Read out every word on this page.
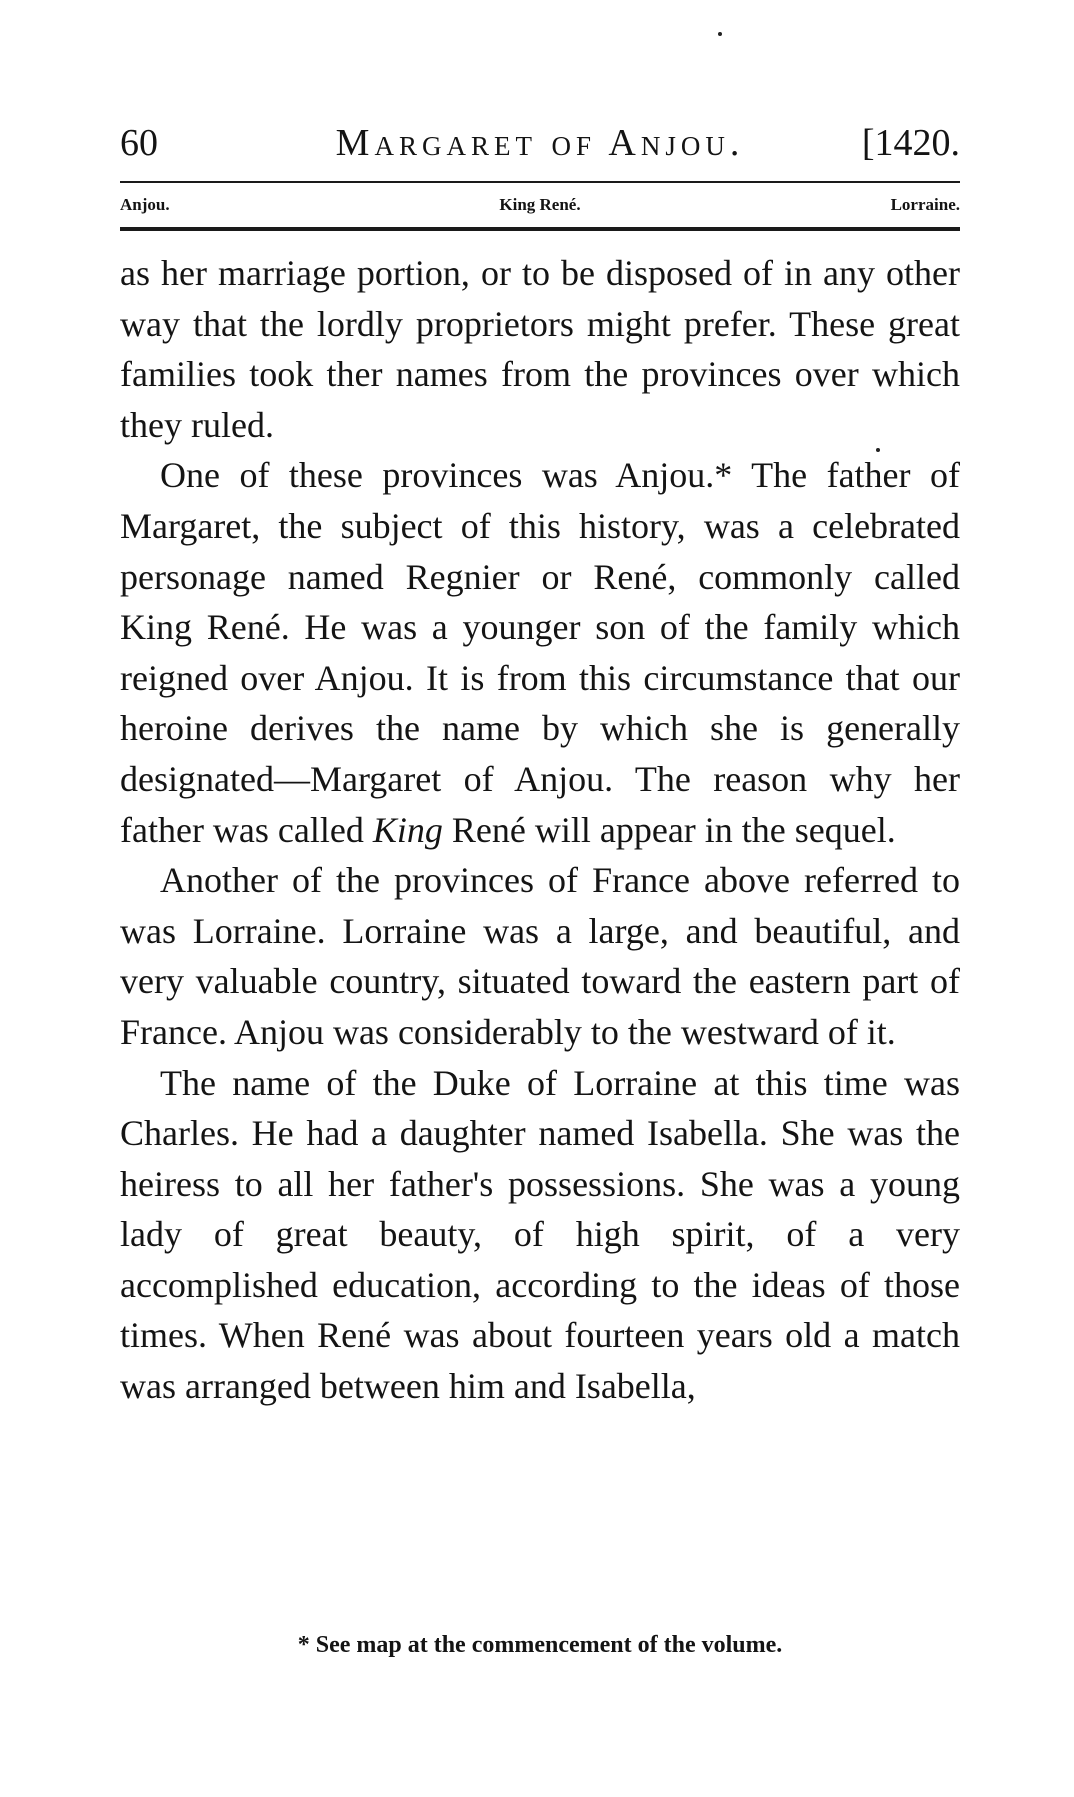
60	Margaret of Anjou.	[1420.
Anjou.	King René.	Lorraine.

as her marriage portion, or to be disposed of in any other way that the lordly proprietors might prefer. These great families took ther names from the provinces over which they ruled.

One of these provinces was Anjou.* The father of Margaret, the subject of this history, was a celebrated personage named Regnier or René, commonly called King René. He was a younger son of the family which reigned over Anjou. It is from this circumstance that our heroine derives the name by which she is generally designated—Margaret of Anjou. The reason why her father was called King René will appear in the sequel.

Another of the provinces of France above referred to was Lorraine. Lorraine was a large, and beautiful, and very valuable country, situated toward the eastern part of France. Anjou was considerably to the westward of it.

The name of the Duke of Lorraine at this time was Charles. He had a daughter named Isabella. She was the heiress to all her father's possessions. She was a young lady of great beauty, of high spirit, of a very accomplished education, according to the ideas of those times. When René was about fourteen years old a match was arranged between him and Isabella,

* See map at the commencement of the volume.
